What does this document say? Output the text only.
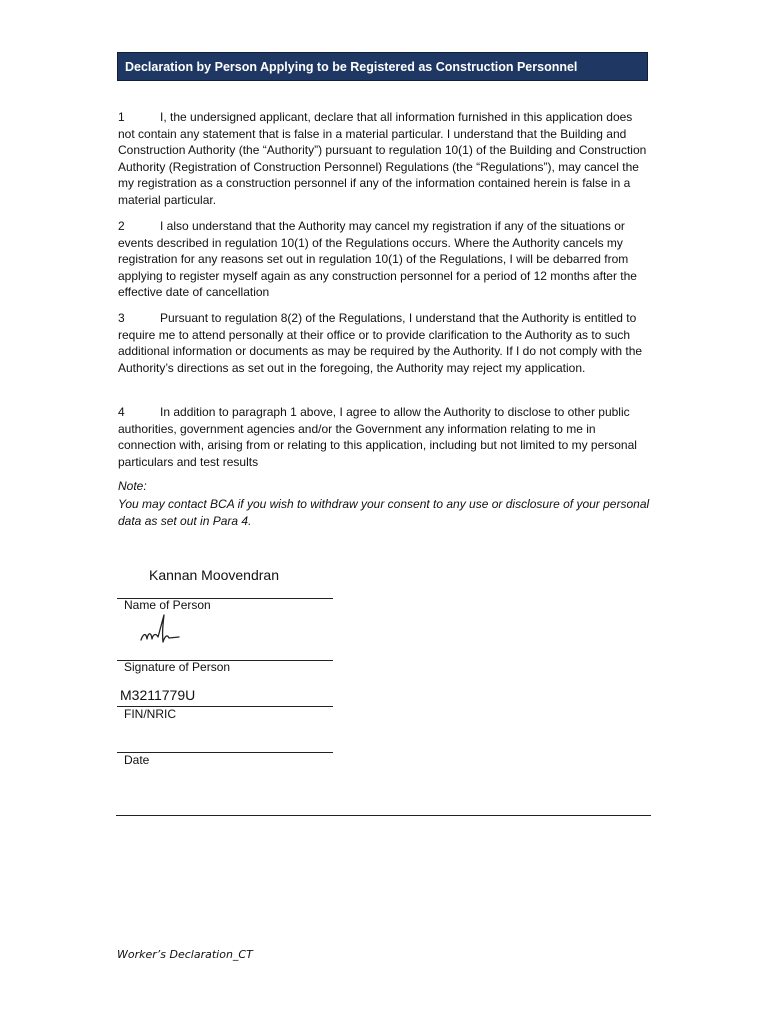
Declaration by Person Applying to be Registered as Construction Personnel

1	I, the undersigned applicant, declare that all information furnished in this application does not contain any statement that is false in a material particular. I understand that the Building and Construction Authority (the “Authority”) pursuant to regulation 10(1) of the Building and Construction Authority (Registration of Construction Personnel) Regulations (the “Regulations”), may cancel the my registration as a construction personnel if any of the information contained herein is false in a material particular.

2	I also understand that the Authority may cancel my registration if any of the situations or events described in regulation 10(1) of the Regulations occurs. Where the Authority cancels my registration for any reasons set out in regulation 10(1) of the Regulations, I will be debarred from applying to register myself again as any construction personnel for a period of 12 months after the effective date of cancellation

3	Pursuant to regulation 8(2) of the Regulations, I understand that the Authority is entitled to require me to attend personally at their office or to provide clarification to the Authority as to such additional information or documents as may be required by the Authority. If I do not comply with the Authority’s directions as set out in the foregoing, the Authority may reject my application.

4	In addition to paragraph 1 above, I agree to allow the Authority to disclose to other public authorities, government agencies and/or the Government any information relating to me in connection with, arising from or relating to this application, including but not limited to my personal particulars and test results

Note:

You may contact BCA if you wish to withdraw your consent to any use or disclosure of your personal data as set out in Para 4.

Kannan Moovendran

Name of Person

Signature of Person

M3211779U

FIN/NRIC

Date

Worker’s Declaration_CT
